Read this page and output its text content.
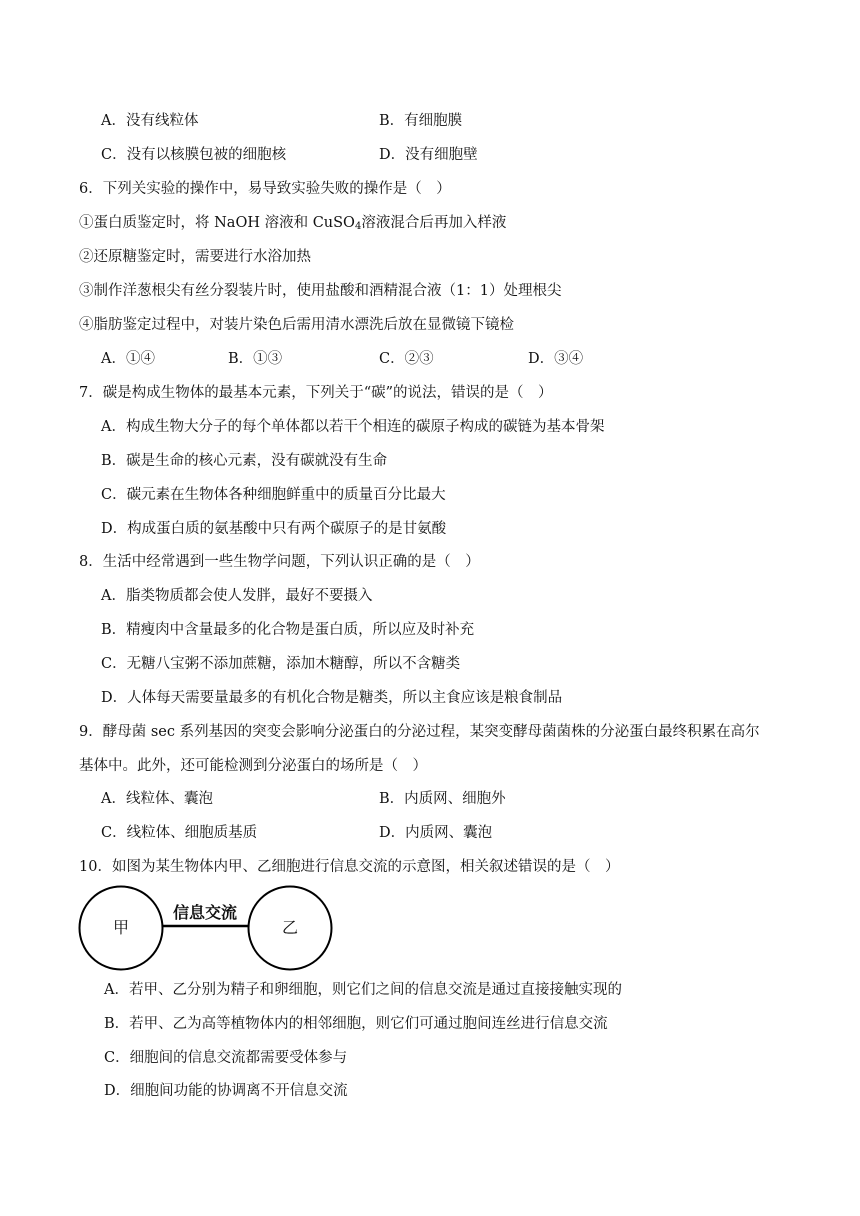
A．没有线粒体	B．有细胞膜
C．没有以核膜包被的细胞核	D．没有细胞壁
6．下列关实验的操作中，易导致实验失败的操作是（　）
①蛋白质鉴定时，将 NaOH 溶液和 CuSO$_4$溶液混合后再加入样液
②还原糖鉴定时，需要进行水浴加热
③制作洋葱根尖有丝分裂装片时，使用盐酸和酒精混合液（1：1）处理根尖
④脂肪鉴定过程中，对装片染色后需用清水漂洗后放在显微镜下镜检
A．①④	B．①③	C．②③	D．③④
7．碳是构成生物体的最基本元素，下列关于“碳”的说法，错误的是（　）
A．构成生物大分子的每个单体都以若干个相连的碳原子构成的碳链为基本骨架
B．碳是生命的核心元素，没有碳就没有生命
C．碳元素在生物体各种细胞鲜重中的质量百分比最大
D．构成蛋白质的氨基酸中只有两个碳原子的是甘氨酸
8．生活中经常遇到一些生物学问题，下列认识正确的是（　）
A．脂类物质都会使人发胖，最好不要摄入
B．精瘦肉中含量最多的化合物是蛋白质，所以应及时补充
C．无糖八宝粥不添加蔗糖，添加木糖醇，所以不含糖类
D．人体每天需要量最多的有机化合物是糖类，所以主食应该是粮食制品
9．酵母菌 sec 系列基因的突变会影响分泌蛋白的分泌过程，某突变酵母菌菌株的分泌蛋白最终积累在高尔
基体中。此外，还可能检测到分泌蛋白的场所是（　）
A．线粒体、囊泡	B．内质网、细胞外
C．线粒体、细胞质基质	D．内质网、囊泡
10．如图为某生物体内甲、乙细胞进行信息交流的示意图，相关叙述错误的是（　）
甲	乙
信息交流
A．若甲、乙分别为精子和卵细胞，则它们之间的信息交流是通过直接接触实现的
B．若甲、乙为高等植物体内的相邻细胞，则它们可通过胞间连丝进行信息交流
C．细胞间的信息交流都需要受体参与
D．细胞间功能的协调离不开信息交流
